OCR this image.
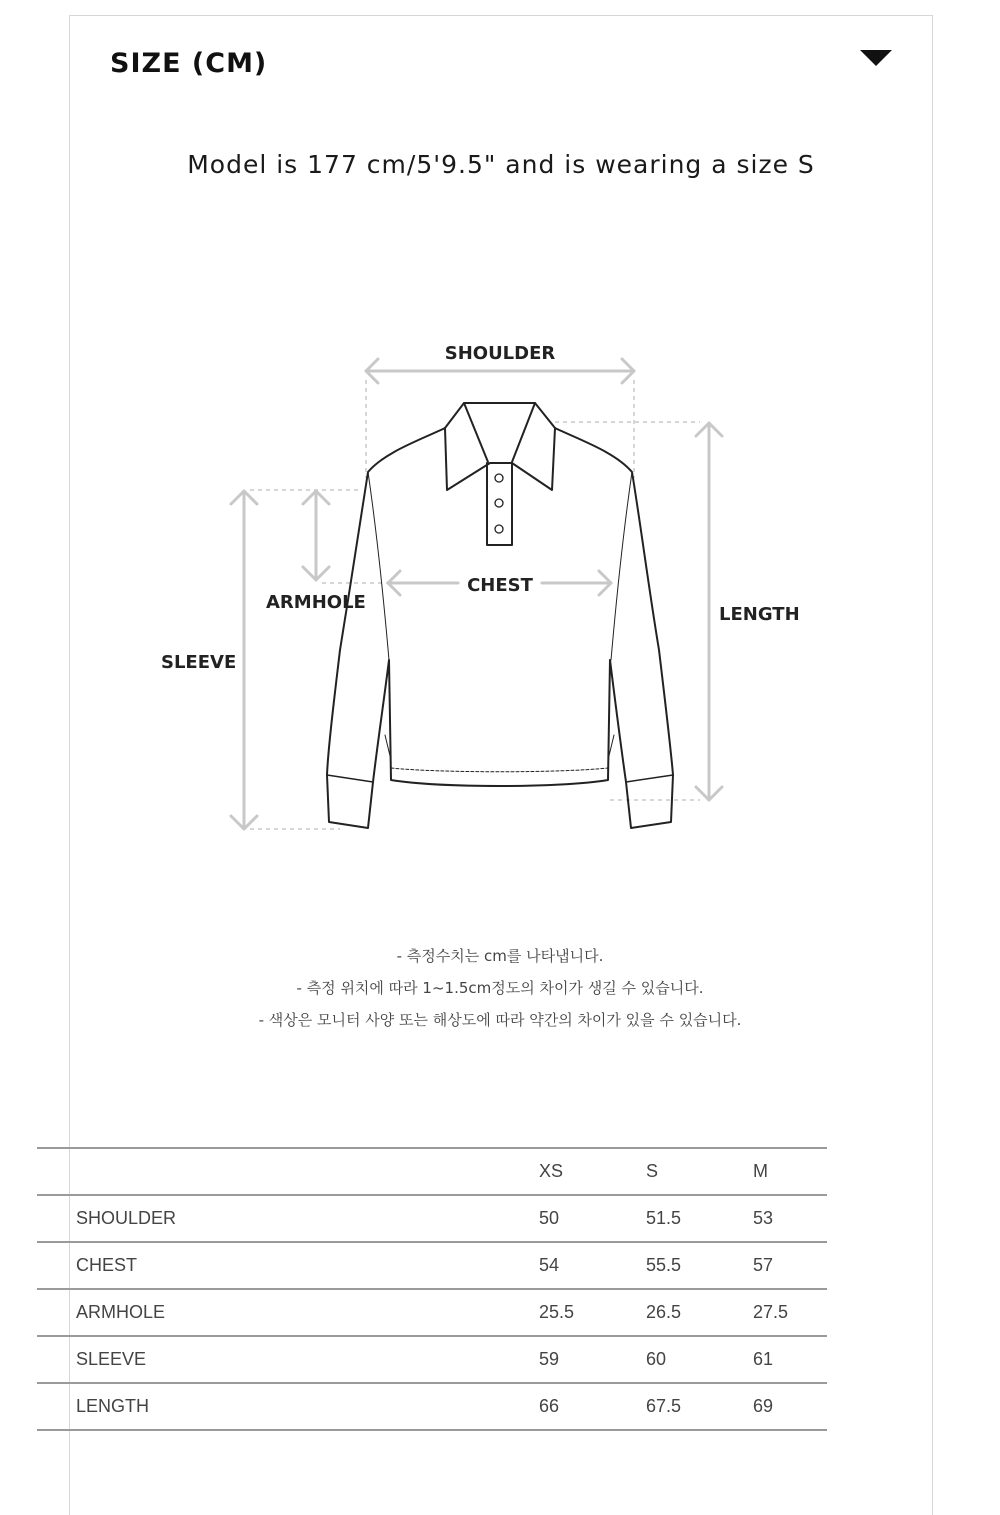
SIZE (CM)
Model is 177 cm/5'9.5" and is wearing a size S
SHOULDER
CHEST
ARMHOLE
SLEEVE
LENGTH
- 측정수치는 cm를 나타냅니다.
- 측정 위치에 따라 1~1.5cm정도의 차이가 생길 수 있습니다.
- 색상은 모니터 사양 또는 해상도에 따라 약간의 차이가 있을 수 있습니다.
	XS	S	M
SHOULDER	50	51.5	53
CHEST	54	55.5	57
ARMHOLE	25.5	26.5	27.5
SLEEVE	59	60	61
LENGTH	66	67.5	69
